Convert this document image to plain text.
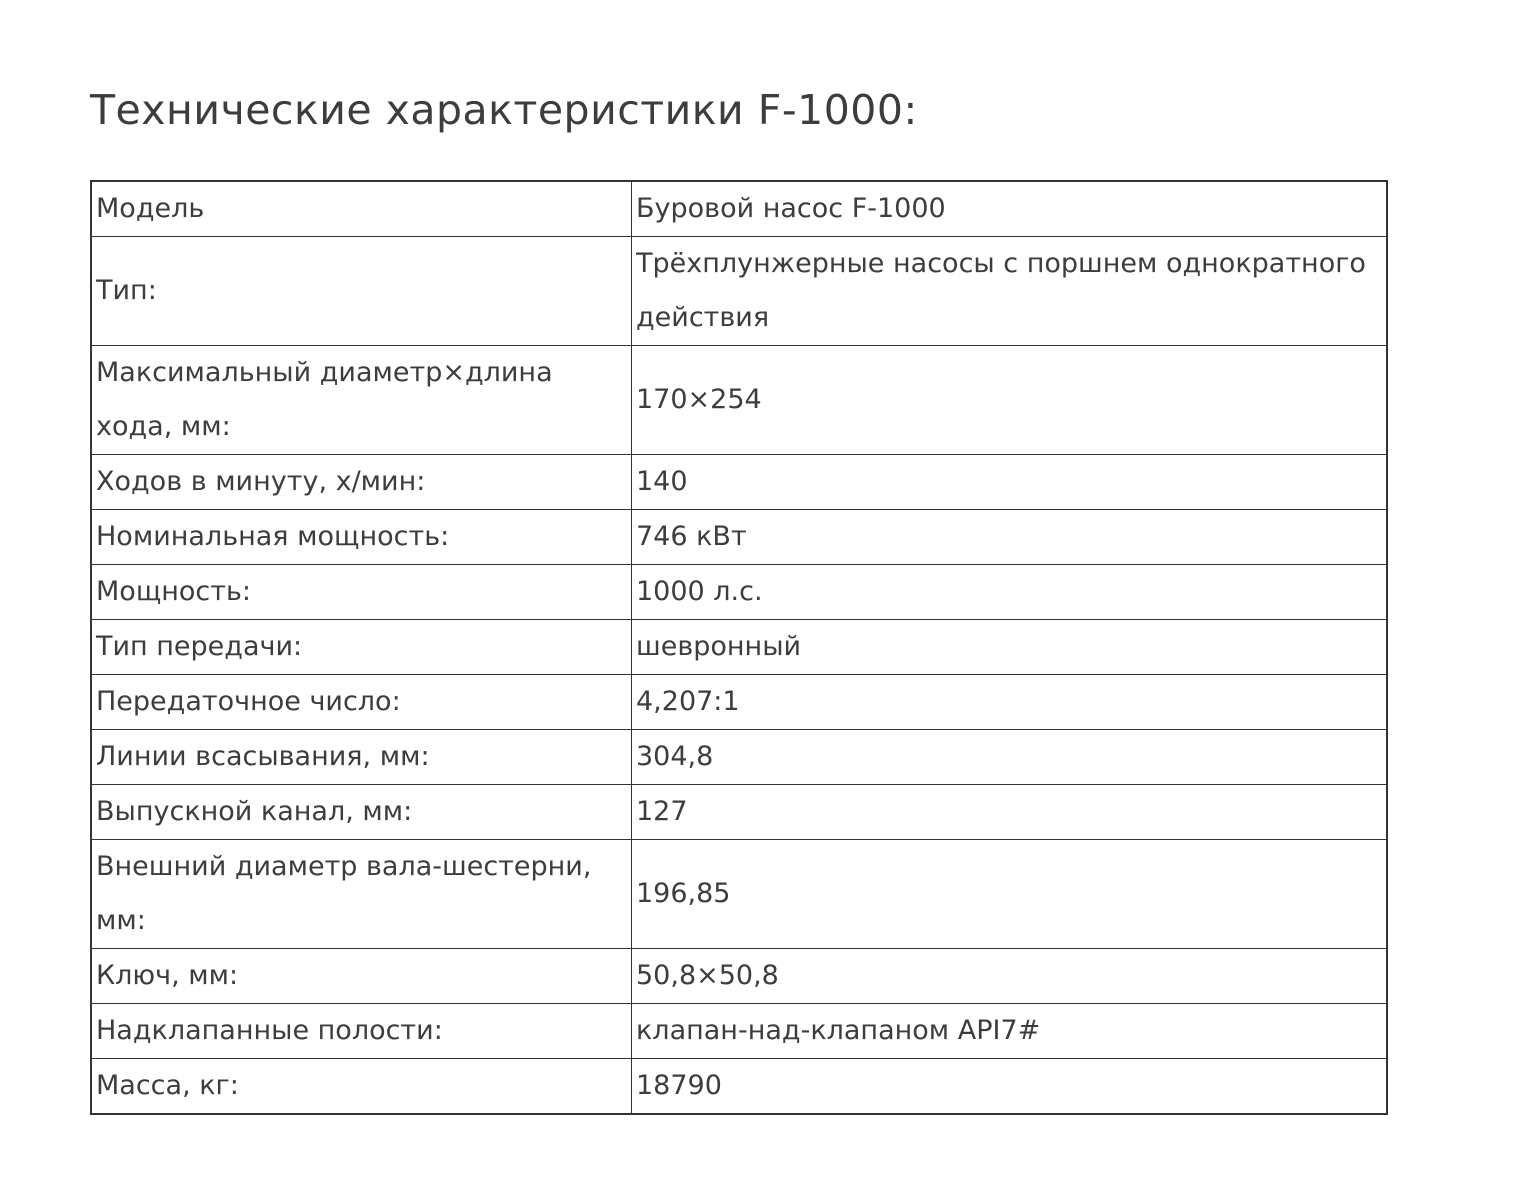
Технические характеристики F-1000:
Модель	Буровой насос F-1000
Тип:	Трёхплунжерные насосы с поршнем однократного действия
Максимальный диаметр×длина хода, мм:	170×254
Ходов в минуту, х/мин:	140
Номинальная мощность:	746 кВт
Мощность:	1000 л.с.
Тип передачи:	шевронный
Передаточное число:	4,207:1
Линии всасывания, мм:	304,8
Выпускной канал, мм:	127
Внешний диаметр вала-шестерни, мм:	196,85
Ключ, мм:	50,8×50,8
Надклапанные полости:	клапан-над-клапаном API7#
Масса, кг:	18790
